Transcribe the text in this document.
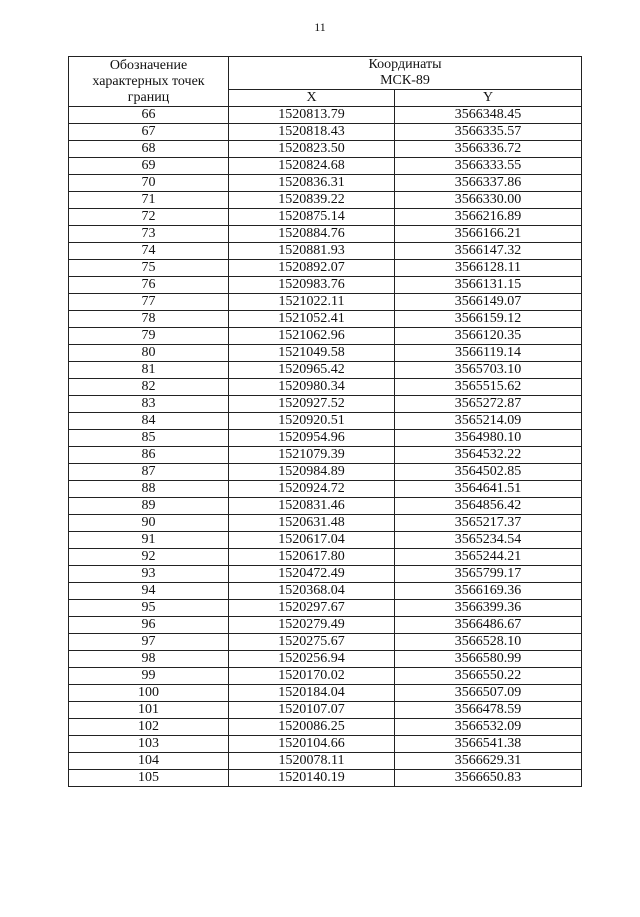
11
Обозначение
характерных точек
границ	Координаты
МСК-89	
	X	Y
66	1520813.79	3566348.45
67	1520818.43	3566335.57
68	1520823.50	3566336.72
69	1520824.68	3566333.55
70	1520836.31	3566337.86
71	1520839.22	3566330.00
72	1520875.14	3566216.89
73	1520884.76	3566166.21
74	1520881.93	3566147.32
75	1520892.07	3566128.11
76	1520983.76	3566131.15
77	1521022.11	3566149.07
78	1521052.41	3566159.12
79	1521062.96	3566120.35
80	1521049.58	3566119.14
81	1520965.42	3565703.10
82	1520980.34	3565515.62
83	1520927.52	3565272.87
84	1520920.51	3565214.09
85	1520954.96	3564980.10
86	1521079.39	3564532.22
87	1520984.89	3564502.85
88	1520924.72	3564641.51
89	1520831.46	3564856.42
90	1520631.48	3565217.37
91	1520617.04	3565234.54
92	1520617.80	3565244.21
93	1520472.49	3565799.17
94	1520368.04	3566169.36
95	1520297.67	3566399.36
96	1520279.49	3566486.67
97	1520275.67	3566528.10
98	1520256.94	3566580.99
99	1520170.02	3566550.22
100	1520184.04	3566507.09
101	1520107.07	3566478.59
102	1520086.25	3566532.09
103	1520104.66	3566541.38
104	1520078.11	3566629.31
105	1520140.19	3566650.83
